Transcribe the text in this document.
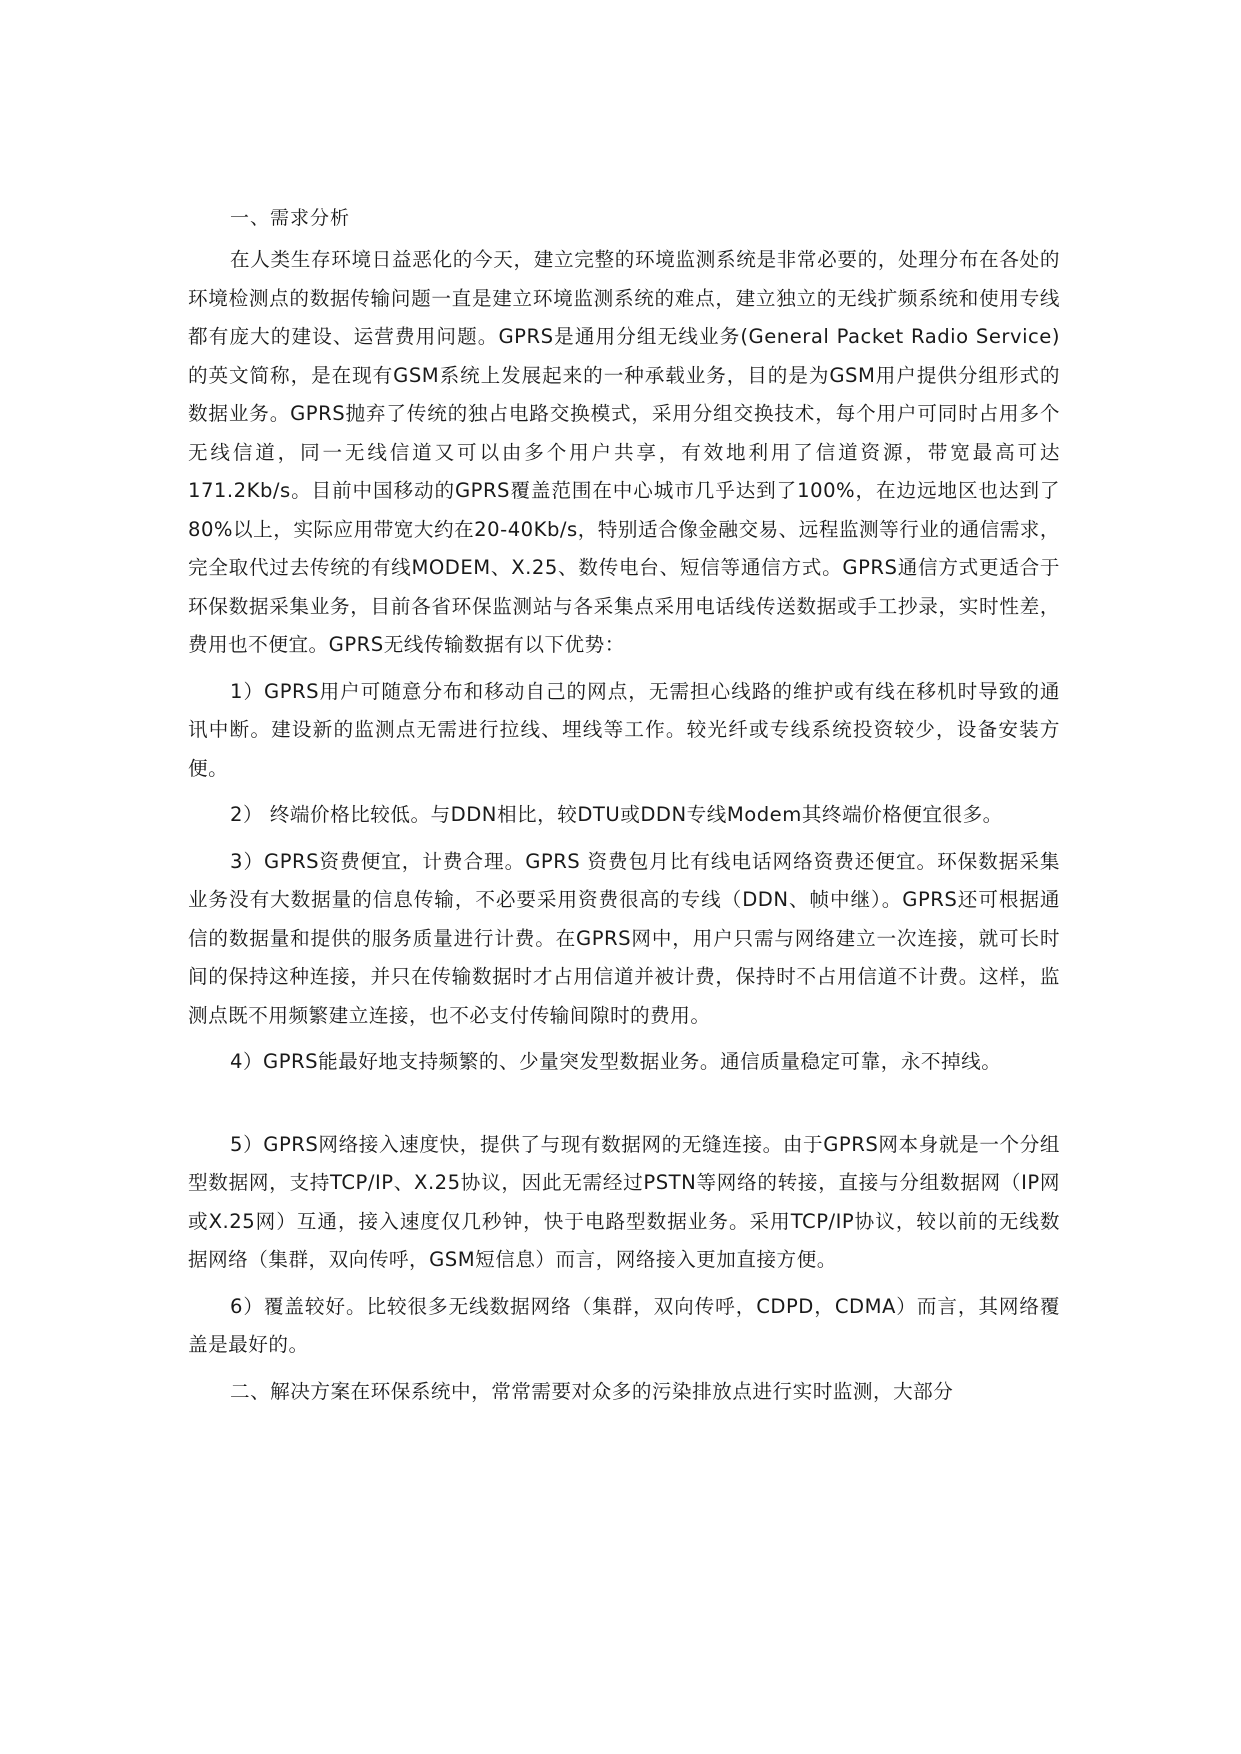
一、需求分析

在人类生存环境日益恶化的今天，建立完整的环境监测系统是非常必要的，处理分布在各处的环境检测点的数据传输问题一直是建立环境监测系统的难点，建立独立的无线扩频系统和使用专线都有庞大的建设、运营费用问题。GPRS是通用分组无线业务(General Packet Radio Service)的英文简称，是在现有GSM系统上发展起来的一种承载业务，目的是为GSM用户提供分组形式的数据业务。GPRS抛弃了传统的独占电路交换模式，采用分组交换技术，每个用户可同时占用多个无线信道，同一无线信道又可以由多个用户共享，有效地利用了信道资源，带宽最高可达171.2Kb/s。目前中国移动的GPRS覆盖范围在中心城市几乎达到了100%，在边远地区也达到了80%以上，实际应用带宽大约在20-40Kb/s，特别适合像金融交易、远程监测等行业的通信需求，完全取代过去传统的有线MODEM、X.25、数传电台、短信等通信方式。GPRS通信方式更适合于环保数据采集业务，目前各省环保监测站与各采集点采用电话线传送数据或手工抄录，实时性差，费用也不便宜。GPRS无线传输数据有以下优势：

1）GPRS用户可随意分布和移动自己的网点，无需担心线路的维护或有线在移机时导致的通讯中断。建设新的监测点无需进行拉线、埋线等工作。较光纤或专线系统投资较少，设备安装方便。

2） 终端价格比较低。与DDN相比，较DTU或DDN专线Modem其终端价格便宜很多。

3）GPRS资费便宜，计费合理。GPRS 资费包月比有线电话网络资费还便宜。环保数据采集业务没有大数据量的信息传输，不必要采用资费很高的专线（DDN、帧中继）。GPRS还可根据通信的数据量和提供的服务质量进行计费。在GPRS网中，用户只需与网络建立一次连接，就可长时间的保持这种连接，并只在传输数据时才占用信道并被计费，保持时不占用信道不计费。这样，监测点既不用频繁建立连接，也不必支付传输间隙时的费用。

4）GPRS能最好地支持频繁的、少量突发型数据业务。通信质量稳定可靠，永不掉线。

5）GPRS网络接入速度快，提供了与现有数据网的无缝连接。由于GPRS网本身就是一个分组型数据网，支持TCP/IP、X.25协议，因此无需经过PSTN等网络的转接，直接与分组数据网（IP网或X.25网）互通，接入速度仅几秒钟，快于电路型数据业务。采用TCP/IP协议，较以前的无线数据网络（集群，双向传呼，GSM短信息）而言，网络接入更加直接方便。

6）覆盖较好。比较很多无线数据网络（集群，双向传呼，CDPD，CDMA）而言，其网络覆盖是最好的。

二、解决方案在环保系统中，常常需要对众多的污染排放点进行实时监测，大部分
